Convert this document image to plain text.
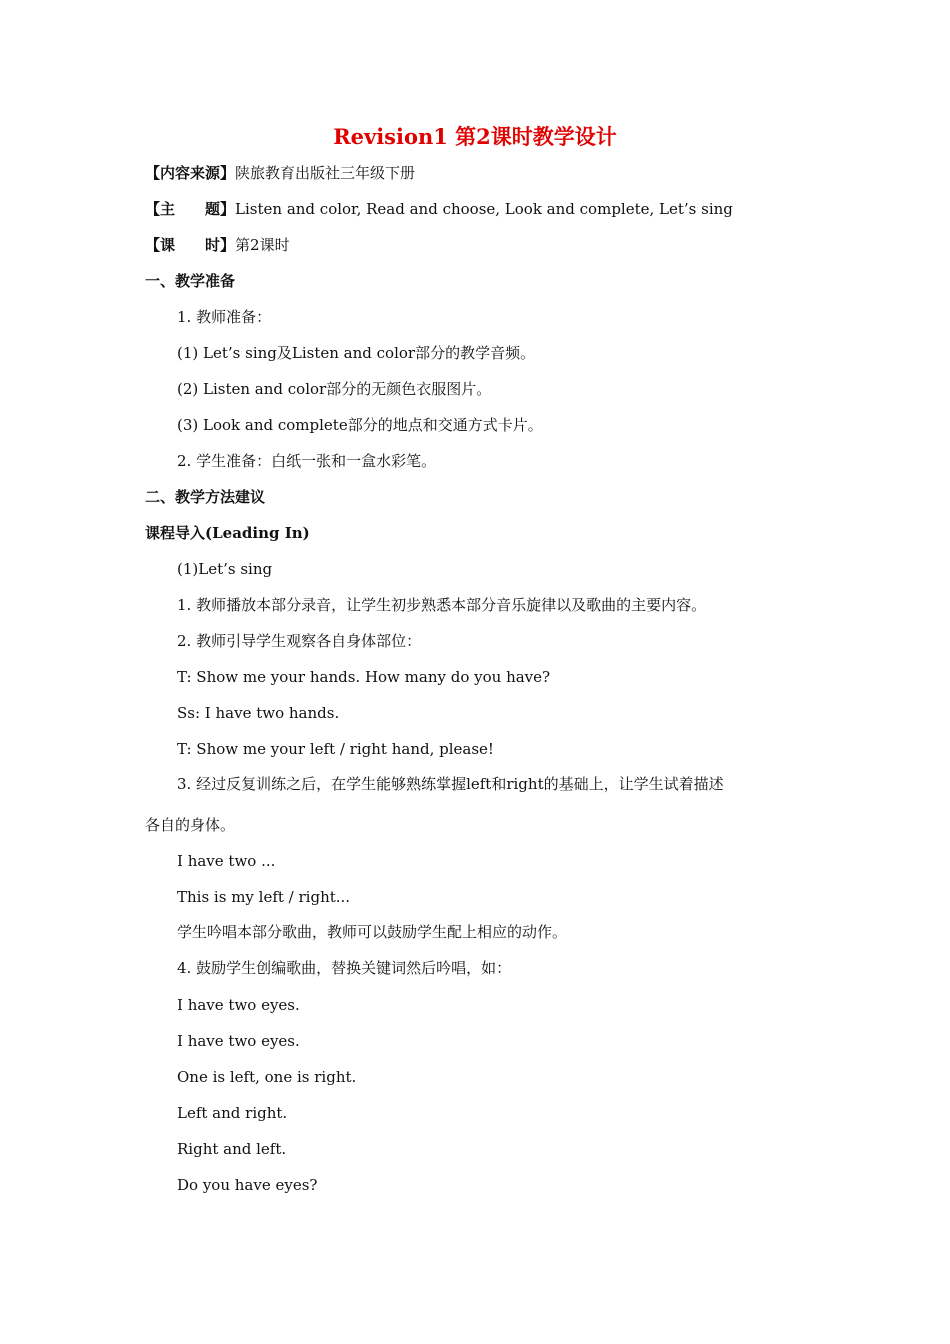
Revision1 第2课时教学设计
【内容来源】陕旅教育出版社三年级下册
【主 题】Listen and color, Read and choose, Look and complete, Let’s sing
【课 时】第2课时
一、教学准备
1. 教师准备：
(1) Let’s sing及Listen and color部分的教学音频。
(2) Listen and color部分的无颜色衣服图片。
(3) Look and complete部分的地点和交通方式卡片。
2. 学生准备：白纸一张和一盒水彩笔。
二、教学方法建议
课程导入(Leading In)
(1)Let’s sing
1. 教师播放本部分录音，让学生初步熟悉本部分音乐旋律以及歌曲的主要内容。
2. 教师引导学生观察各自身体部位：
T: Show me your hands. How many do you have?
Ss: I have two hands.
T: Show me your left / right hand, please!
3. 经过反复训练之后，在学生能够熟练掌握left和right的基础上，让学生试着描述
各自的身体。
I have two ...
This is my left / right...
学生吟唱本部分歌曲，教师可以鼓励学生配上相应的动作。
4. 鼓励学生创编歌曲，替换关键词然后吟唱，如：
I have two eyes.
I have two eyes.
One is left, one is right.
Left and right.
Right and left.
Do you have eyes?
